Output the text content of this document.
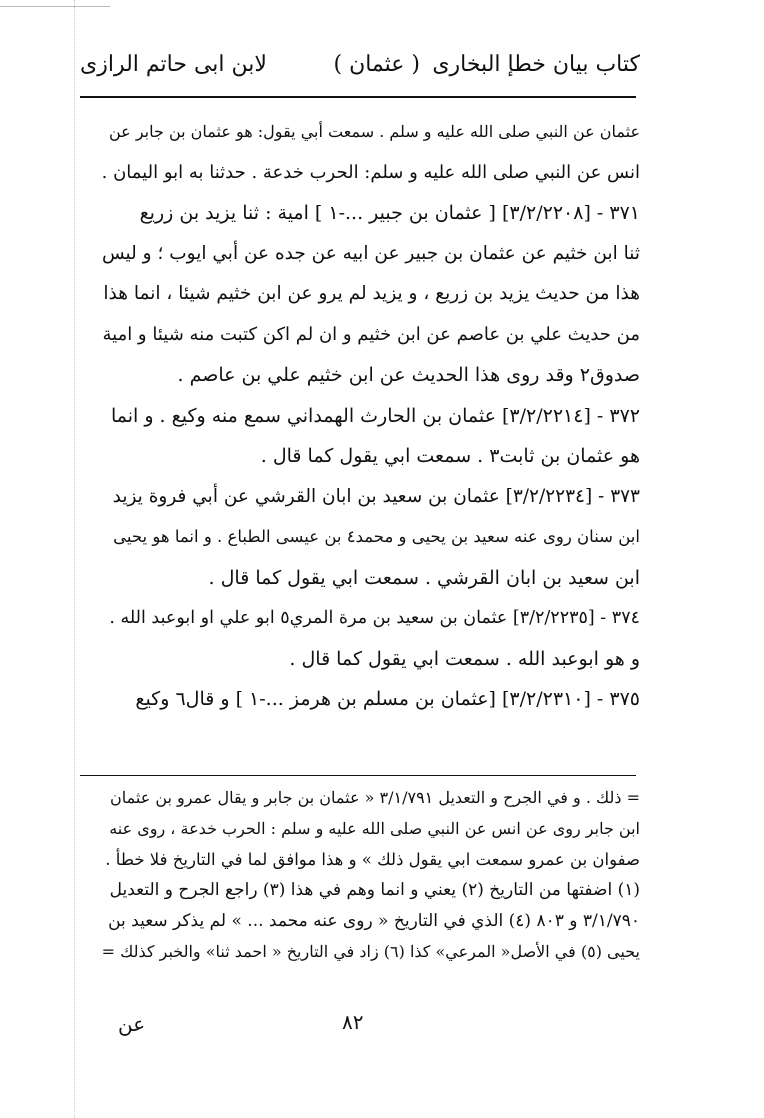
كتاب بيان خطإ البخارى
( عثمان )
لابن ابى حاتم الرازى
عثمان عن النبي صلى الله عليه و سلم . سمعت أبي يقول: هو عثمان بن جابر عن
انس عن النبي صلى الله عليه و سلم: الحرب خدعة . حدثنا به ابو اليمان .
٣٧١ - [٣/٢/٢٢٠٨] [ عثمان بن جبير ...-١ ] امية : ثنا يزيد بن زريع
ثنا ابن خثيم عن عثمان بن جبير عن ابيه عن جده عن أبي ايوب ؛ و ليس
هذا من حديث يزيد بن زريع ، و يزيد لم يرو عن ابن خثيم شيئا ، انما هذا
من حديث علي بن عاصم عن ابن خثيم و ان لم اكن كتبت منه شيئا و امية
صدوق٢ وقد روى هذا الحديث عن ابن خثيم علي بن عاصم .
٣٧٢ - [٣/٢/٢٢١٤] عثمان بن الحارث الهمداني سمع منه وكيع . و انما
هو عثمان بن ثابت٣ . سمعت ابي يقول كما قال .
٣٧٣ - [٣/٢/٢٢٣٤] عثمان بن سعيد بن ابان القرشي عن أبي فروة يزيد
ابن سنان روى عنه سعيد بن يحيى و محمد٤ بن عيسى الطباع . و انما هو يحيى
ابن سعيد بن ابان القرشي . سمعت ابي يقول كما قال .
٣٧٤ - [٣/٢/٢٢٣٥] عثمان بن سعيد بن مرة المري٥ ابو علي او ابوعبد الله .
و هو ابوعبد الله . سمعت ابي يقول كما قال .
٣٧٥ - [٣/٢/٢٣١٠] [عثمان بن مسلم بن هرمز ...-١ ] و قال٦ وكيع
= ذلك . و في الجرح و التعديل ٣/١/٧٩١ « عثمان بن جابر و يقال عمرو بن عثمان
ابن جابر روى عن انس عن النبي صلى الله عليه و سلم : الحرب خدعة ، روى عنه
صفوان بن عمرو سمعت ابي يقول ذلك » و هذا موافق لما في التاريخ فلا خطأ .
(١) اضفتها من التاريخ (٢) يعني و انما وهم في هذا (٣) راجع الجرح و التعديل
٣/١/٧٩٠ و ٨٠٣ (٤) الذي في التاريخ « روى عنه محمد ... » لم يذكر سعيد بن
يحيى (٥) في الأصل« المرعي» كذا (٦) زاد في التاريخ « احمد ثنا» والخبر كذلك =
٨٢
عن
